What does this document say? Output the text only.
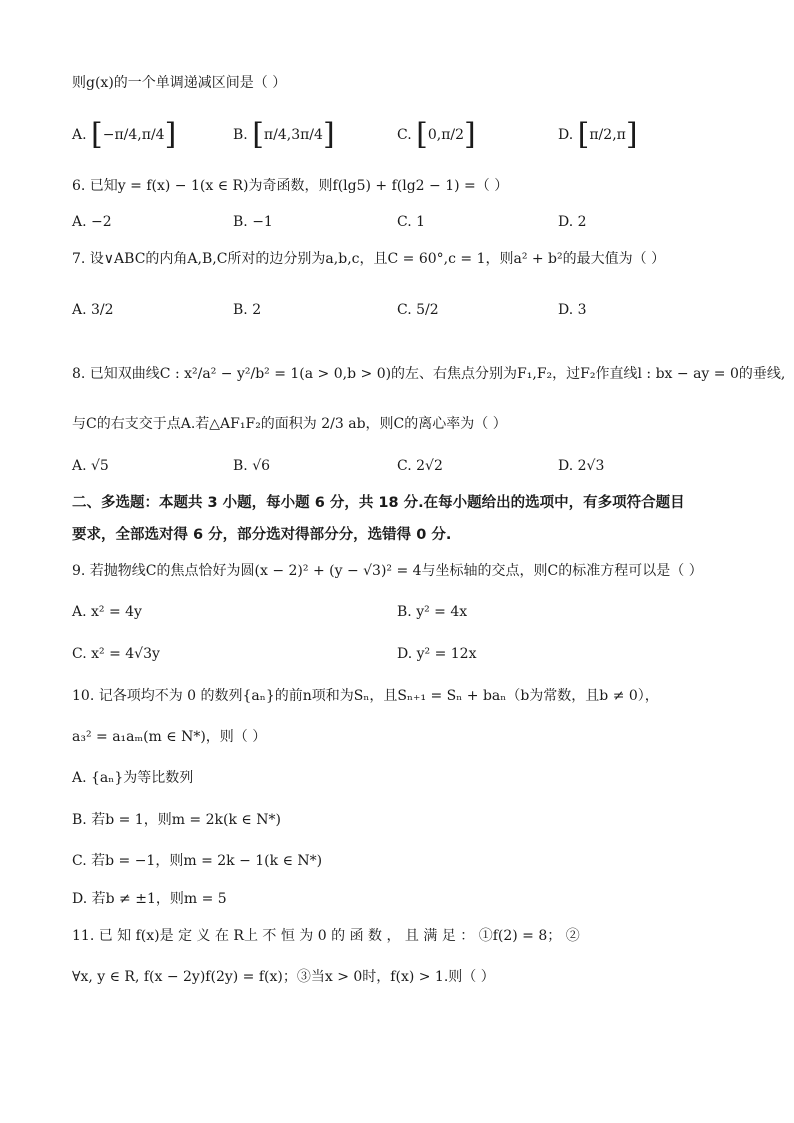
则g(x)的一个单调递减区间是（ ）
A. [−π/4,π/4]	B. [π/4,3π/4]	C. [0,π/2]	D. [π/2,π]
6. 已知y = f(x) − 1(x ∈ R)为奇函数，则f(lg5) + f(lg2 − 1) =（ ）
A. −2	B. −1	C. 1	D. 2
7. 设∨ABC的内角A,B,C所对的边分别为a,b,c，且C = 60°,c = 1，则a² + b²的最大值为（ ）
A. 3/2	B. 2	C. 5/2	D. 3
8. 已知双曲线C : x²/a² − y²/b² = 1(a > 0,b > 0)的左、右焦点分别为F₁,F₂，过F₂作直线l : bx − ay = 0的垂线,
与C的右支交于点A.若△AF₁F₂的面积为 2/3 ab，则C的离心率为（ ）
A. √5	B. √6	C. 2√2	D. 2√3
二、多选题：本题共 3 小题，每小题 6 分，共 18 分.在每小题给出的选项中，有多项符合题目
要求，全部选对得 6 分，部分选对得部分分，选错得 0 分.
9. 若抛物线C的焦点恰好为圆(x − 2)² + (y − √3)² = 4与坐标轴的交点，则C的标准方程可以是（ ）
A. x² = 4y	B. y² = 4x
C. x² = 4√3y	D. y² = 12x
10. 记各项均不为 0 的数列{aₙ}的前n项和为Sₙ，且Sₙ₊₁ = Sₙ + baₙ（b为常数，且b ≠ 0），
a₃² = a₁aₘ(m ∈ N*)，则（ ）
A. {aₙ}为等比数列
B. 若b = 1，则m = 2k(k ∈ N*)
C. 若b = −1，则m = 2k − 1(k ∈ N*)
D. 若b ≠ ±1，则m = 5
11. 已 知 f(x)是 定 义 在 R上 不 恒 为 0 的 函 数 ， 且 满 足 ： ①f(2) = 8； ②
∀x, y ∈ R, f(x − 2y)f(2y) = f(x)；③当x > 0时，f(x) > 1.则（ ）
